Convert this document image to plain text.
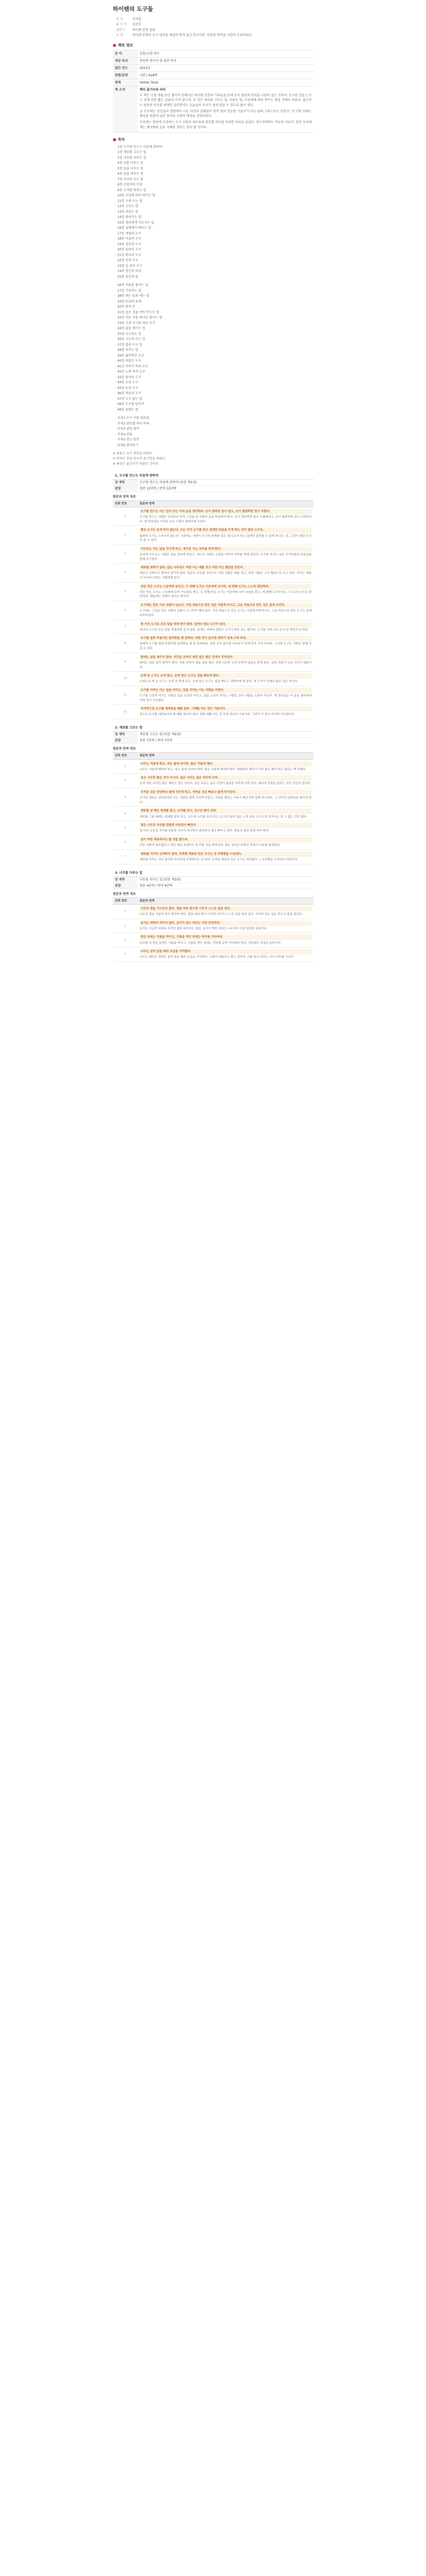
하이텐의 도구들
저 자	이서훈
옮 긴 이	김준호
출판사	하이텐 문헌 출판
소 개	하이텐 문헌의 초기 판본을 해설과 함께 옮긴 한국어판. 원문과 번역을 나란히 수록하였다.
■ 책의 정보
분 야	인문/고전 연구
대상 독자	문헌학 연구자 및 일반 독자
발간 연도	2015년
판형/분량	국판 / 628쪽
원제	Heiten Tools
책 소개	책의 줄거리와 의의

이 책은 오랜 세월 동안 흩어져 전해지던 하이텐 문헌의 기록들을 한데 모아 원문과 번역을 나란히 실은 것이다. 도구를 만들고 쓰는 일에 관한 짧은 글들이 모여 있으며, 각 장은 재료를 고르는 법, 다듬는 법, 쓰임새에 따라 바꾸는 법을 차례로 다룬다. 옮긴이는 원문의 어조를 최대한 살리면서도 오늘날의 독자가 쉽게 읽을 수 있도록 풀어 썼다.

글 곳곳에는 장인들의 경험에서 나온 격언과 실패담이 섞여 있어 단순한 기술서가 아닌 삶의 기록으로도 읽힌다. 각 단락 뒤에는 해설을 덧붙여 낯선 용어와 시대적 배경을 설명하였다.

부록에는 원문에 등장하는 도구 이름의 대조표와 판본별 차이를 정리한 목록을 실었다. 연구자에게는 비교의 자료가, 일반 독자에게는 옛사람의 손끝 지혜를 엿보는 창이 될 것이다.

■ 목차
· 1장 도구를 만드는 마음에 관하여
· 2장 재료를 고르는 법
· 3장 나무를 다루는 일
· 4장 쇠를 다루는 일
· 5장 돌을 다루는 일
· 6장 날을 세우는 법
· 7장 자루를 다는 법
· 8장 손잡이의 모양
· 9장 무게를 맞추는 일
· 10장 쓰임에 따라 바꾸는 법
· 11장 오래 쓰는 법
· 12장 고치는 법
· 13장 버리는 법
· 14장 물려주는 법
· 15장 제자에게 가르치는 일
· 16장 실패에서 배우는 일
· 17장 계절과 도구
· 18장 마을의 도구
· 19장 집안의 도구
· 20장 들판의 도구
· 21장 바다의 도구
· 22장 산의 도구
· 23장 길 위의 도구
· 24장 장인의 하루
· 25장 장인의 말
· 26장 이름을 붙이는 일
· 27장 기록하는 일
· 28장 세는 법과 재는 법
· 29장 눈금의 유래
· 30장 틀과 본
· 31장 같은 것을 여럿 만드는 법
· 32장 다른 것을 하나로 합치는 법
· 33장 고쳐 쓰기와 새로 쓰기
· 34장 값을 매기는 일
· 35장 사고파는 일
· 36장 나누어 쓰는 일
· 37장 빌려 쓰는 일
· 38장 지키는 일
· 39장 잃어버린 도구
· 40장 되찾은 도구
· 41장 이야기 속의 도구
· 42장 노래 속의 도구
· 43장 꿈속의 도구
· 44장 손과 도구
· 45장 눈과 도구
· 46장 마음과 도구
· 47장 도구 없는 일
· 48장 도구를 넘어서
· 49장 끝맺는 말
· 부록1 도구 이름 대조표
· 부록2 판본별 차이 목록
· 부록3 낱말 풀이
· 부록4 연표
· 부록5 참고 문헌
· 부록6 찾아보기
※ 원문은 초기 판본을 따랐다.
※ 번역은 현대 한국어 표기법을 따랐다.
※ 해설은 옮긴이가 덧붙인 것이다.
1. 도구를 만드는 마음에 관하여
장 제목	도구를 만드는 마음에 관하여 (원문 제1권)
분량	원문 12단락 / 번역 12단락
원문과 번역 대조
단락 번호	원문과 번역
1	도구를 만드는 이는 먼저 쓰는 이의 손을 생각하라. 손이 편하면 일이 쉽고, 손이 불편하면 일이 어렵다.
도구를 만드는 사람은 무엇보다 먼저 그것을 쓸 사람의 손을 떠올려야 한다. 손이 편안하면 일이 수월해지고, 손이 불편하면 일이 고되어진다. 옛 장인들은 이것을 모든 기술의 첫머리에 두었다.

2	좋은 도구는 눈에 띄지 않는다. 쓰는 이가 도구를 잊고 일에만 마음을 두게 하는 것이 참된 도구다.
훌륭한 도구는 드러나지 않는다. 사용하는 사람이 도구의 존재를 잊은 채 오로지 하는 일에만 집중할 수 있게 해 주는 것, 그것이 참된 도구라 할 수 있다.

3	서두르는 이는 날을 무디게 하고, 게으른 이는 자루를 썩게 한다.
급하게 서두르는 사람은 날을 상하게 만들고, 게으른 사람은 손질을 미루어 자루를 썩게 만든다. 도구를 지키는 일은 부지런함과 참을성을 함께 요구한다.

4	재료를 탓하지 말라. 같은 나무로도 어떤 이는 배를 짓고 어떤 이는 땔감을 만든다.
재료가 나쁘다고 탓하지 말아야 한다. 똑같은 나무를 가지고도 어떤 사람은 배를 짓고, 어떤 사람은 그저 땔감으로 쓰고 만다. 차이는 재료가 아니라 다루는 사람에게 있다.

5	처음 만든 도구는 스승에게 보이고, 두 번째 도구는 이웃에게 보이며, 세 번째 도구는 스스로 판단하라.
처음 만든 도구는 스승에게 보여 가르침을 받고, 두 번째 만든 도구는 이웃에게 보여 쓰임을 묻고, 세 번째 도구부터는 스스로의 눈으로 판단하라. 배움에는 차례가 있다는 뜻이다.

6	도구에는 만든 이의 성품이 남는다. 거친 마음으로 만든 것은 거칠게 쓰이고, 고운 마음으로 만든 것은 곱게 쓰인다.
도구에는 그것을 만든 사람의 성품이 고스란히 배어 있다. 거친 마음으로 만든 도구는 거칠게 다루어지고, 고운 마음으로 만든 도구는 곱게 다루어진다.

7	한 가지 도구로 모든 일을 하려 하지 말라. 일마다 맞는 도구가 있다.
하나의 도구로 모든 일을 해결하려 들지 말라. 일에는 저마다 알맞은 도구가 따로 있는 법이다. 도구를 가려 쓰는 눈이 곧 장인의 눈이다.

8	도구를 빌려 주었거든 돌려받을 때 살피라. 상한 곳이 있으면 탓하기 전에 고쳐 주라.
남에게 도구를 빌려 주었다면 돌려받을 때 잘 살펴보라. 상한 곳이 있으면 나무라기 전에 먼저 고쳐 주어라. 그러면 도구도 사람도 함께 지킬 수 있다.

9	밤에는 날을 세우지 말라. 어두운 곳에서 세운 날은 밝은 곳에서 무뎌진다.
밤에는 날을 갈지 말아야 한다. 어둠 속에서 세운 날은 밝은 곳에 나오면 금세 무뎌져 있음을 알게 된다. 급한 마음이 눈을 가리기 때문이다.

10	오래 쓴 도구는 손에 맞고, 손에 맞는 도구는 일을 빠르게 한다.
오래도록 써 온 도구는 손에 꼭 맞게 되고, 손에 맞는 도구는 일을 빠르고 정확하게 해 준다. 새 도구가 언제나 좋은 것은 아니다.

11	도구를 아끼는 이는 일을 아끼고, 일을 아끼는 이는 사람을 아낀다.
도구를 소중히 여기는 사람은 일을 소중히 여기고, 일을 소중히 여기는 사람은 결국 사람을 소중히 여긴다. 옛 장인들은 이 말을 제자에게 가장 먼저 가르쳤다.

12	마지막으로 도구를 내려놓을 때를 알라. 그때를 아는 것도 기술이다.
끝으로 도구를 내려놓아야 할 때를 알아야 한다. 멈출 때를 아는 것 또한 하나의 기술이며, 그것이 이 장의 마지막 가르침이다.
2. 재료를 고르는 법
장 제목	재료를 고르는 법 (원문 제2권)
분량	원문 7단락 / 번역 7단락
원문과 번역 대조
단락 번호	원문과 번역
1	나무는 겨울에 베고, 쇠는 봄에 녹이며, 돌은 가을에 캐라.
나무는 겨울에 베어야 하고, 쇠는 봄에 녹여야 하며, 돌은 가을에 캐내야 한다. 계절마다 재료가 가장 좋은 때가 따로 있다는 옛 지혜다.

2	곧은 나무만 좋은 것이 아니다. 굽은 나무는 굽은 자리에 쓰라.
곧게 자란 나무만 좋은 재료인 것은 아니다. 굽은 나무는 굽은 모양이 필요한 자리에 쓰면 된다. 재료의 성질을 살리는 것이 장인의 일이다.

3	무거운 것은 단단하나 쉽게 지치게 하고, 가벼운 것은 빠르나 쉽게 부서진다.
무거운 재료는 단단하지만 쓰는 사람을 쉽게 지치게 만들고, 가벼운 재료는 다루기 빠르지만 쉽게 부서진다. 그 사이의 알맞음을 찾아야 한다.

4	재료를 살 때는 냄새를 맡고, 소리를 듣고, 손으로 쓸어 보라.
재료를 고를 때에는 냄새를 맡아 보고, 두드려 소리를 들어 보고, 손으로 쓸어 결을 느껴 보라. 눈으로만 보아서는 알 수 없는 것이 많다.

5	젖은 나무로 자루를 만들면 마르면서 빠진다.
덜 마른 나무로 자루를 만들면 나무가 마르면서 줄어들어 결국 빠지고 만다. 충분히 말린 뒤에 써야 한다.

6	남이 버린 재료에서도 쓸 것을 찾으라.
다른 사람이 쓸모없다고 버린 재료 속에서도 쓸 만한 것을 찾아보라. 좋은 장인은 버려진 것에서 쓰임을 발견한다.

7	재료를 아끼되 인색하지 말라. 부족한 재료로 만든 도구는 곧 부족함을 드러낸다.
재료를 아끼는 것은 좋지만 지나치게 인색해서는 안 된다. 모자란 재료로 만든 도구는 머지않아 그 모자람을 드러내기 마련이다.
3. 나무를 다루는 일
장 제목	나무를 다루는 일 (원문 제3권)
분량	원문 4단락 / 번역 4단락
원문과 번역 대조
단락 번호	원문과 번역
1	나무의 결을 거스르지 말라. 결을 따라 깎으면 나무가 스스로 길을 연다.
나무의 결을 거슬러 깎지 말아야 한다. 결을 따라 깎아 나가면 나무가 스스로 길을 열어 준다. 억지로 하는 일은 반드시 흠을 남긴다.

2	옹이는 피하되 버리지 말라. 옹이가 있는 자리는 가장 단단하다.
옹이는 가급적 피하되 무작정 잘라 버리지는 말라. 옹이가 박힌 자리는 나무에서 가장 단단한 부분이다.

3	깎은 뒤에는 기름을 먹이고, 기름을 먹인 뒤에는 하루를 기다리라.
나무를 다 깎은 뒤에는 기름을 먹이고, 기름을 먹인 뒤에는 하루를 꼬박 기다려야 한다. 기다림도 작업의 일부이다.

4	나무는 살아 있을 때의 모습을 기억한다.
나무는 베어진 뒤에도 살아 있을 때의 모습을 기억한다. 그래서 뒤틀리고 휘는 것이다. 이를 알고 다루는 이가 나무를 이긴다.
